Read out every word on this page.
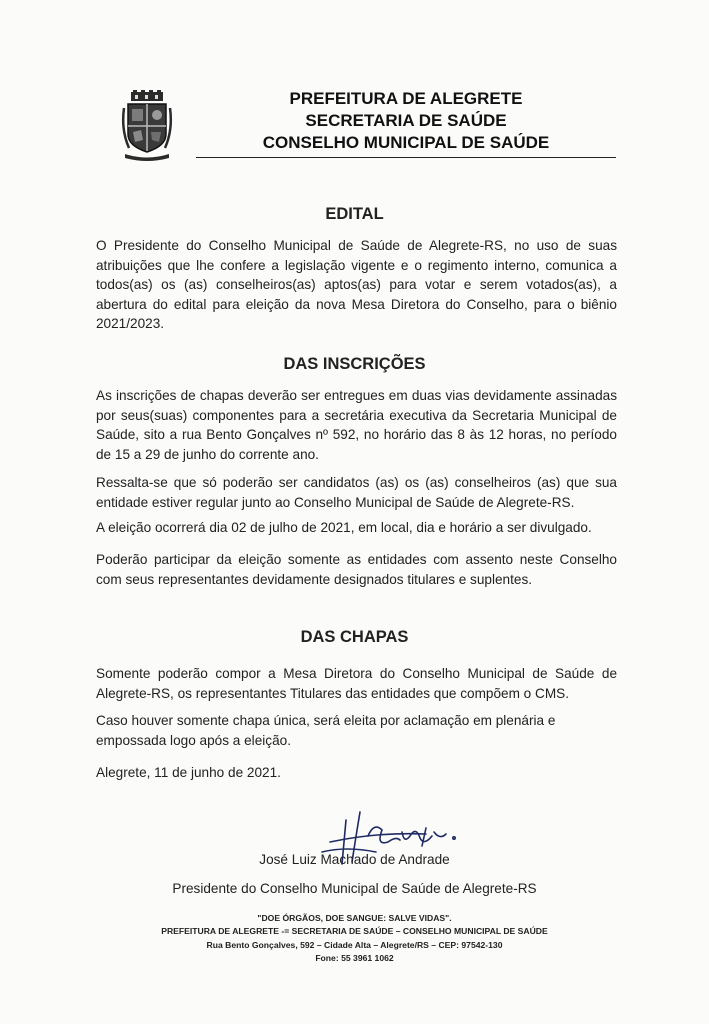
PREFEITURA DE ALEGRETE
SECRETARIA DE SAÚDE
CONSELHO MUNICIPAL DE SAÚDE
EDITAL

O Presidente do Conselho Municipal de Saúde de Alegrete-RS, no uso de suas atribuições que lhe confere a legislação vigente e o regimento interno, comunica a todos(as) os (as) conselheiros(as) aptos(as) para votar e serem votados(as), a abertura do edital para eleição da nova Mesa Diretora do Conselho, para o biênio 2021/2023.

DAS INSCRIÇÕES

As inscrições de chapas deverão ser entregues em duas vias devidamente assinadas por seus(suas) componentes para a secretária executiva da Secretaria Municipal de Saúde, sito a rua Bento Gonçalves nº 592, no horário das 8 às 12 horas, no período de 15 a 29 de junho do corrente ano.

Ressalta-se que só poderão ser candidatos (as) os (as) conselheiros (as) que sua entidade estiver regular junto ao Conselho Municipal de Saúde de Alegrete-RS.

A eleição ocorrerá dia 02 de julho de 2021, em local, dia e horário a ser divulgado.

Poderão participar da eleição somente as entidades com assento neste Conselho com seus representantes devidamente designados titulares e suplentes.

DAS CHAPAS

Somente poderão compor a Mesa Diretora do Conselho Municipal de Saúde de Alegrete-RS, os representantes Titulares das entidades que compõem o CMS.

Caso houver somente chapa única, será eleita por aclamação em plenária e empossada logo após a eleição.

Alegrete, 11 de junho de 2021.

José Luiz Machado de Andrade
Presidente do Conselho Municipal de Saúde de Alegrete-RS
"DOE ÓRGÃOS, DOE SANGUE: SALVE VIDAS".
PREFEITURA DE ALEGRETE -= SECRETARIA DE SAÚDE – CONSELHO MUNICIPAL DE SAÚDE
Rua Bento Gonçalves, 592 – Cidade Alta – Alegrete/RS – CEP: 97542-130
Fone: 55 3961 1062
